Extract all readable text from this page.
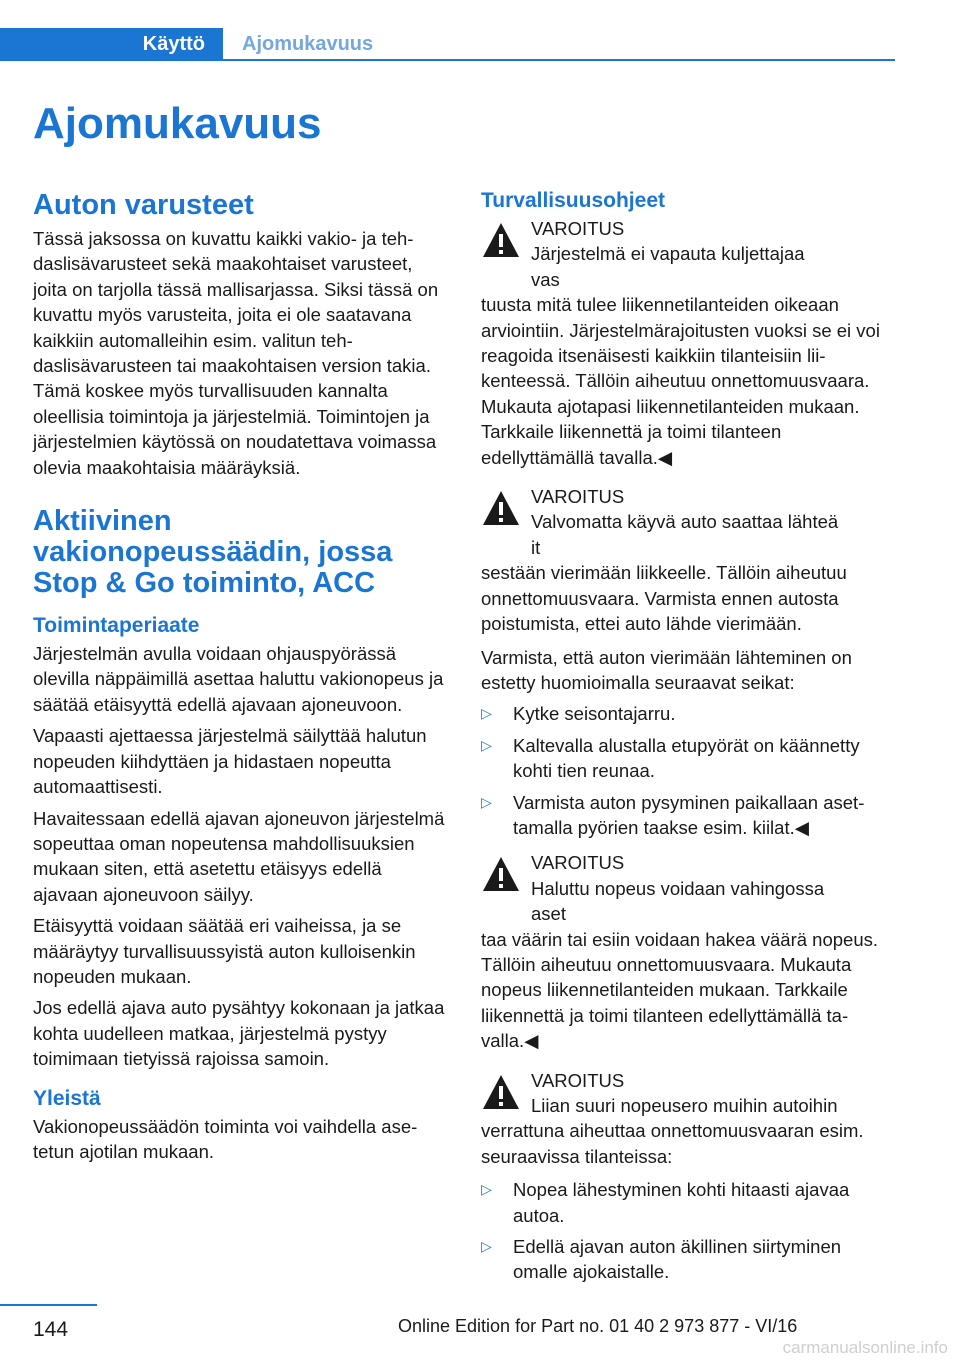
Käyttö Ajomukavuus
Ajomukavuus
Auton varusteet

Tässä jaksossa on kuvattu kaikki vakio- ja tehdaslisävarusteet sekä maakohtaiset varusteet, joita on tarjolla tässä mallisarjassa. Siksi tässä on kuvattu myös varusteita, joita ei ole saatavana kaikkiin automalleihin esim. valitun tehdaslisävarusteen tai maakohtaisen version takia. Tämä koskee myös turvallisuuden kannalta oleellisia toimintoja ja järjestelmiä. Toimintojen ja järjestelmien käytössä on noudatettava voimassa olevia maakohtaisia määräyksiä.

Aktiivinen vakionopeussäädin, jossa Stop & Go toiminto, ACC
Toimintaperiaate

Järjestelmän avulla voidaan ohjauspyörässä olevilla näppäimillä asettaa haluttu vakionopeus ja säätää etäisyyttä edellä ajavaan ajoneuvoon.

Vapaasti ajettaessa järjestelmä säilyttää halutun nopeuden kiihdyttäen ja hidastaen nopeutta automaattisesti.

Havaitessaan edellä ajavan ajoneuvon järjestelmä sopeuttaa oman nopeutensa mahdollisuuksien mukaan siten, että asetettu etäisyys edellä ajavaan ajoneuvoon säilyy.

Etäisyyttä voidaan säätää eri vaiheissa, ja se määräytyy turvallisuussyistä auton kulloisenkin nopeuden mukaan.

Jos edellä ajava auto pysähtyy kokonaan ja jatkaa kohta uudelleen matkaa, järjestelmä pystyy toimimaan tietyissä rajoissa samoin.

Yleistä

Vakionopeussäädön toiminta voi vaihdella asetetun ajotilan mukaan.

Turvallisuusohjeet
VAROITUS
Järjestelmä ei vapauta kuljettajaa vas

tuusta mitä tulee liikennetilanteiden oikeaan arviointiin. Järjestelmärajoitusten vuoksi se ei voi reagoida itsenäisesti kaikkiin tilanteisiin liikenteessä. Tällöin aiheutuu onnettomuusvaara. Mukauta ajotapasi liikennetilanteiden mukaan. Tarkkaile liikennettä ja toimi tilanteen edellyttämällä tavalla.◀

VAROITUS
Valvomatta käyvä auto saattaa lähteä it

sestään vierimään liikkeelle. Tällöin aiheutuu onnettomuusvaara. Varmista ennen autosta poistumista, ettei auto lähde vierimään.

Varmista, että auton vierimään lähteminen on estetty huomioimalla seuraavat seikat:

▷ Kytke seisontajarru.
▷ Kaltevalla alustalla etupyörät on käännetty kohti tien reunaa.
▷ Varmista auton pysyminen paikallaan asettamalla pyörien taakse esim. kiilat.◀
VAROITUS
Haluttu nopeus voidaan vahingossa aset

taa väärin tai esiin voidaan hakea väärä nopeus. Tällöin aiheutuu onnettomuusvaara. Mukauta nopeus liikennetilanteiden mukaan. Tarkkaile liikennettä ja toimi tilanteen edellyttämällä tavalla.◀

VAROITUS
Liian suuri nopeusero muihin autoihin

verrattuna aiheuttaa onnettomuusvaaran esim. seuraavissa tilanteissa:

▷ Nopea lähestyminen kohti hitaasti ajavaa autoa.
▷ Edellä ajavan auton äkillinen siirtyminen omalle ajokaistalle.
144	Online Edition for Part no. 01 40 2 973 877 - VI/16
carmanualsonline.info
